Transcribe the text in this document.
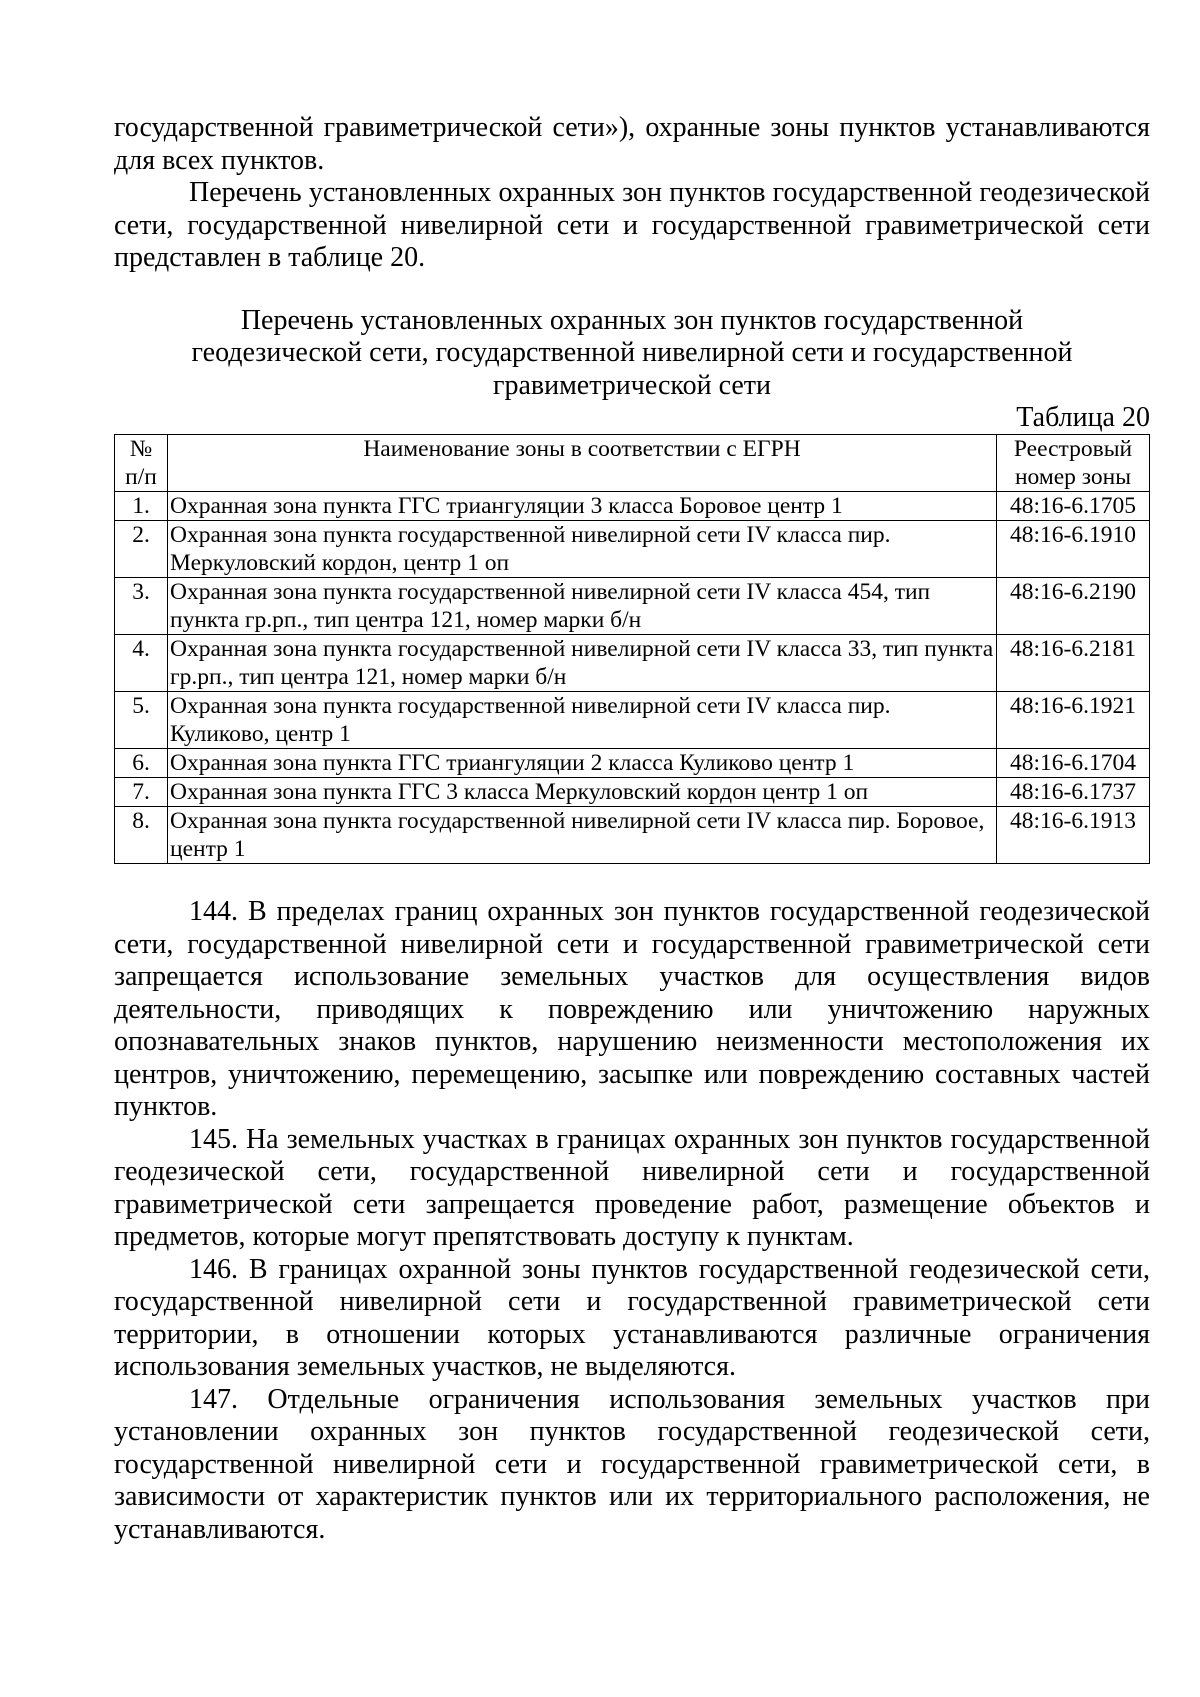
государственной гравиметрической сети»), охранные зоны пунктов устанавливаются для всех пунктов.

Перечень установленных охранных зон пунктов государственной геодезической сети, государственной нивелирной сети и государственной гравиметрической сети представлен в таблице 20.

Перечень установленных охранных зон пунктов государственной
геодезической сети, государственной нивелирной сети и государственной
гравиметрической сети

Таблица 20

№ п/п	Наименование зоны в соответствии с ЕГРН	Реестровый номер зоны
1.	Охранная зона пункта ГГС триангуляции 3 класса Боровое центр 1	48:16-6.1705
2.	Охранная зона пункта государственной нивелирной сети IV класса пир. Меркуловский кордон, центр 1 оп	48:16-6.1910
3.	Охранная зона пункта государственной нивелирной сети IV класса 454, тип пункта гр.рп., тип центра 121, номер марки б/н	48:16-6.2190
4.	Охранная зона пункта государственной нивелирной сети IV класса 33, тип пункта гр.рп., тип центра 121, номер марки б/н	48:16-6.2181
5.	Охранная зона пункта государственной нивелирной сети IV класса пир. Куликово, центр 1	48:16-6.1921
6.	Охранная зона пункта ГГС триангуляции 2 класса Куликово центр 1	48:16-6.1704
7.	Охранная зона пункта ГГС 3 класса Меркуловский кордон центр 1 оп	48:16-6.1737
8.	Охранная зона пункта государственной нивелирной сети IV класса пир. Боровое, центр 1	48:16-6.1913

144. В пределах границ охранных зон пунктов государственной геодезической сети, государственной нивелирной сети и государственной гравиметрической сети запрещается использование земельных участков для осуществления видов деятельности, приводящих к повреждению или уничтожению наружных опознавательных знаков пунктов, нарушению неизменности местоположения их центров, уничтожению, перемещению, засыпке или повреждению составных частей пунктов.

145. На земельных участках в границах охранных зон пунктов государственной геодезической сети, государственной нивелирной сети и государственной гравиметрической сети запрещается проведение работ, размещение объектов и предметов, которые могут препятствовать доступу к пунктам.

146. В границах охранной зоны пунктов государственной геодезической сети, государственной нивелирной сети и государственной гравиметрической сети территории, в отношении которых устанавливаются различные ограничения использования земельных участков, не выделяются.

147. Отдельные ограничения использования земельных участков при установлении охранных зон пунктов государственной геодезической сети, государственной нивелирной сети и государственной гравиметрической сети, в зависимости от характеристик пунктов или их территориального расположения, не устанавливаются.
